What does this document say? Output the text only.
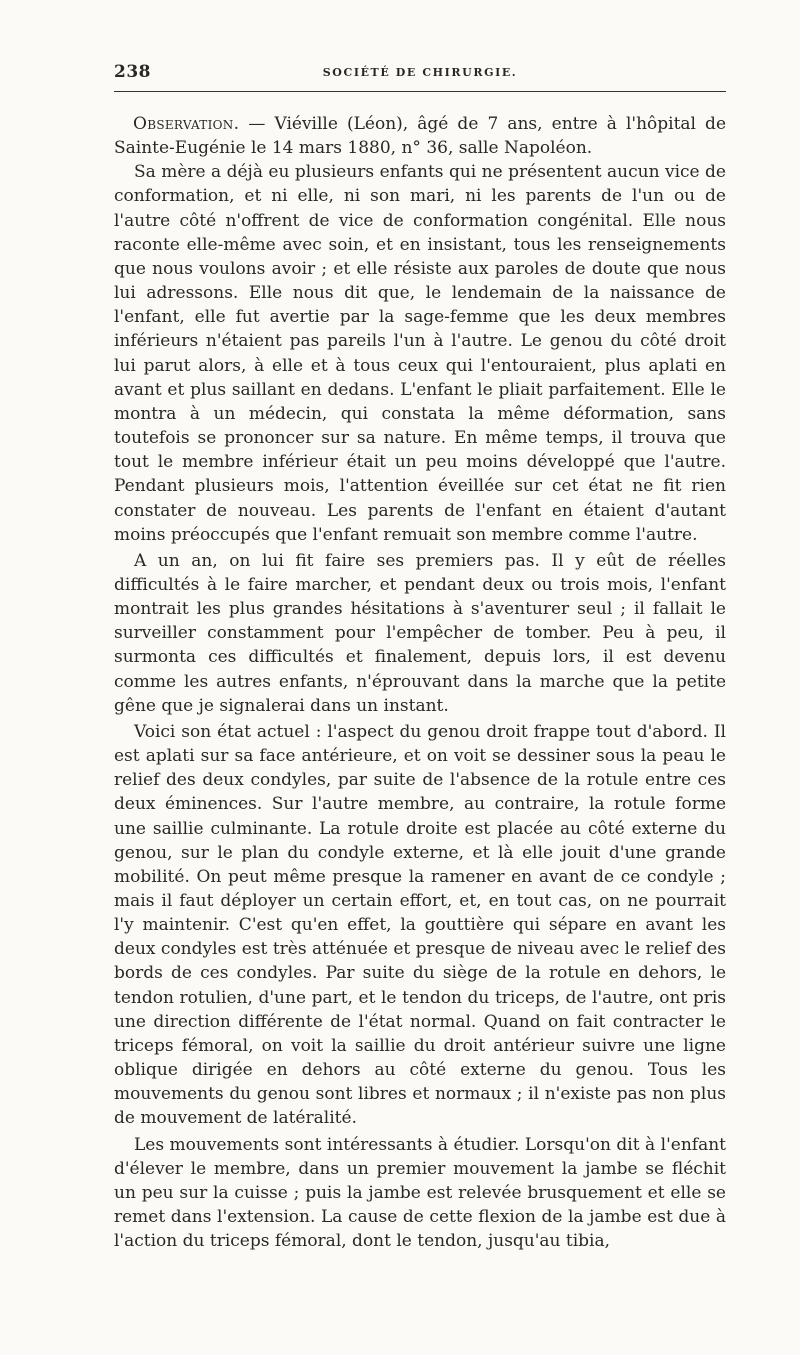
238	SOCIÉTÉ DE CHIRURGIE.

Observation. — Viéville (Léon), âgé de 7 ans, entre à l'hôpital de Sainte-Eugénie le 14 mars 1880, n° 36, salle Napoléon.

Sa mère a déjà eu plusieurs enfants qui ne présentent aucun vice de conformation, et ni elle, ni son mari, ni les parents de l'un ou de l'autre côté n'offrent de vice de conformation congénital. Elle nous raconte elle-même avec soin, et en insistant, tous les renseignements que nous voulons avoir ; et elle résiste aux paroles de doute que nous lui adressons. Elle nous dit que, le lendemain de la naissance de l'enfant, elle fut avertie par la sage-femme que les deux membres inférieurs n'étaient pas pareils l'un à l'autre. Le genou du côté droit lui parut alors, à elle et à tous ceux qui l'entouraient, plus aplati en avant et plus saillant en dedans. L'enfant le pliait parfaitement. Elle le montra à un médecin, qui constata la même déformation, sans toutefois se prononcer sur sa nature. En même temps, il trouva que tout le membre inférieur était un peu moins développé que l'autre. Pendant plusieurs mois, l'attention éveillée sur cet état ne fit rien constater de nouveau. Les parents de l'enfant en étaient d'autant moins préoccupés que l'enfant remuait son membre comme l'autre.

A un an, on lui fit faire ses premiers pas. Il y eût de réelles difficultés à le faire marcher, et pendant deux ou trois mois, l'enfant montrait les plus grandes hésitations à s'aventurer seul ; il fallait le surveiller constamment pour l'empêcher de tomber. Peu à peu, il surmonta ces difficultés et finalement, depuis lors, il est devenu comme les autres enfants, n'éprouvant dans la marche que la petite gêne que je signalerai dans un instant.

Voici son état actuel : l'aspect du genou droit frappe tout d'abord. Il est aplati sur sa face antérieure, et on voit se dessiner sous la peau le relief des deux condyles, par suite de l'absence de la rotule entre ces deux éminences. Sur l'autre membre, au contraire, la rotule forme une saillie culminante. La rotule droite est placée au côté externe du genou, sur le plan du condyle externe, et là elle jouit d'une grande mobilité. On peut même presque la ramener en avant de ce condyle ; mais il faut déployer un certain effort, et, en tout cas, on ne pourrait l'y maintenir. C'est qu'en effet, la gouttière qui sépare en avant les deux condyles est très atténuée et presque de niveau avec le relief des bords de ces condyles. Par suite du siège de la rotule en dehors, le tendon rotulien, d'une part, et le tendon du triceps, de l'autre, ont pris une direction différente de l'état normal. Quand on fait contracter le triceps fémoral, on voit la saillie du droit antérieur suivre une ligne oblique dirigée en dehors au côté externe du genou. Tous les mouvements du genou sont libres et normaux ; il n'existe pas non plus de mouvement de latéralité.

Les mouvements sont intéressants à étudier. Lorsqu'on dit à l'enfant d'élever le membre, dans un premier mouvement la jambe se fléchit un peu sur la cuisse ; puis la jambe est relevée brusquement et elle se remet dans l'extension. La cause de cette flexion de la jambe est due à l'action du triceps fémoral, dont le tendon, jusqu'au tibia,
